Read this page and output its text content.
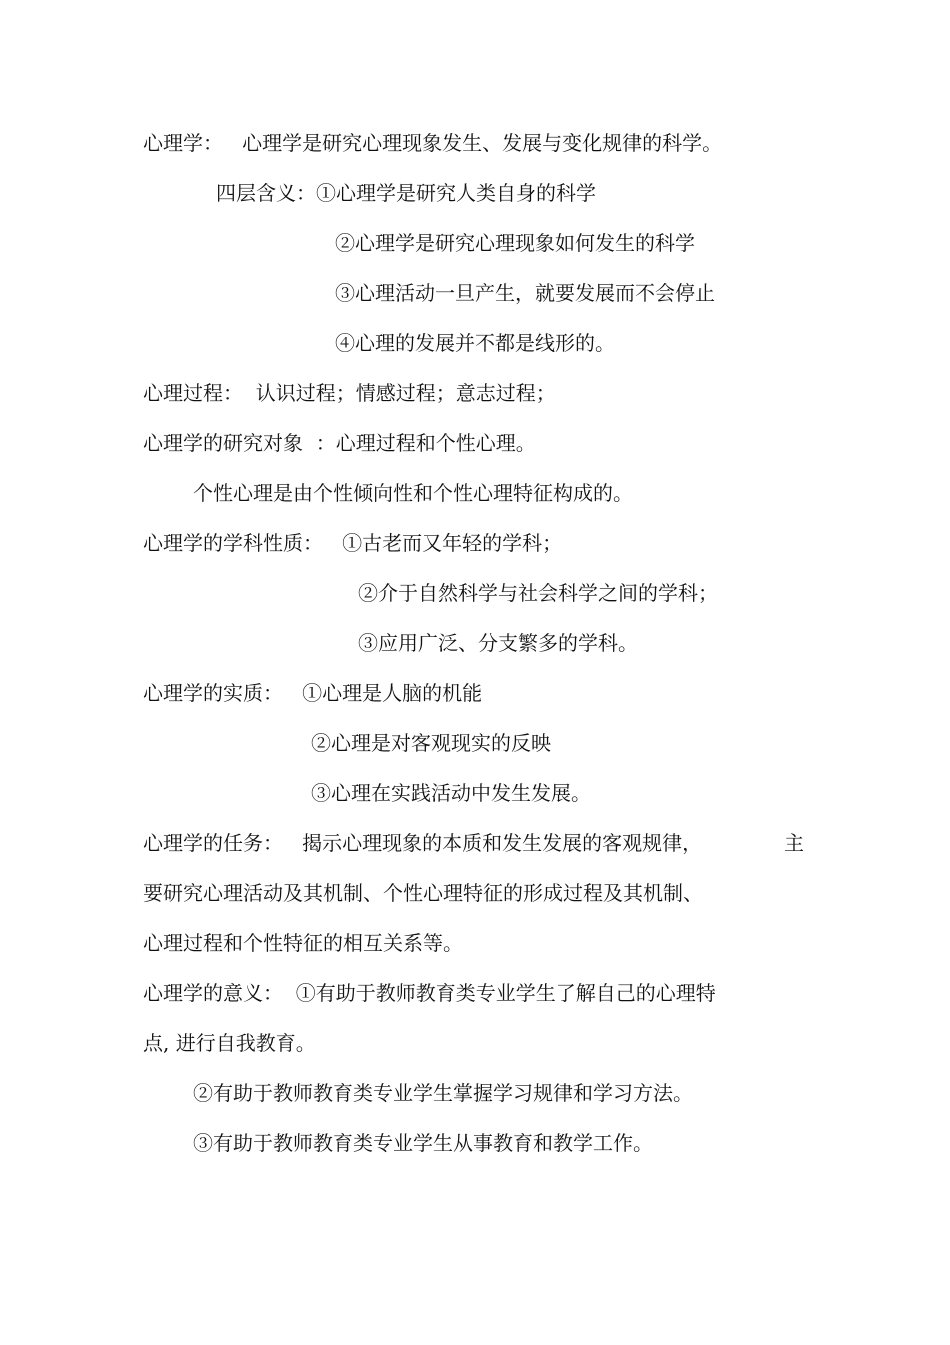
心理学：   心理学是研究心理现象发生、发展与变化规律的科学。

四层含义：①心理学是研究人类自身的科学

②心理学是研究心理现象如何发生的科学

③心理活动一旦产生，就要发展而不会停止

④心理的发展并不都是线形的。

心理过程：  认识过程；情感过程；意志过程；

心理学的研究对象  ：心理过程和个性心理。

个性心理是由个性倾向性和个性心理特征构成的。

心理学的学科性质：   ①古老而又年轻的学科；

②介于自然科学与社会科学之间的学科；

③应用广泛、分支繁多的学科。

心理学的实质：   ①心理是人脑的机能

②心理是对客观现实的反映

③心理在实践活动中发生发展。

心理学的任务：   揭示心理现象的本质和发生发展的客观规律，	主

要研究心理活动及其机制、个性心理特征的形成过程及其机制、

心理过程和个性特征的相互关系等。

心理学的意义：  ①有助于教师教育类专业学生了解自己的心理特

点, 进行自我教育。

②有助于教师教育类专业学生掌握学习规律和学习方法。

③有助于教师教育类专业学生从事教育和教学工作。
